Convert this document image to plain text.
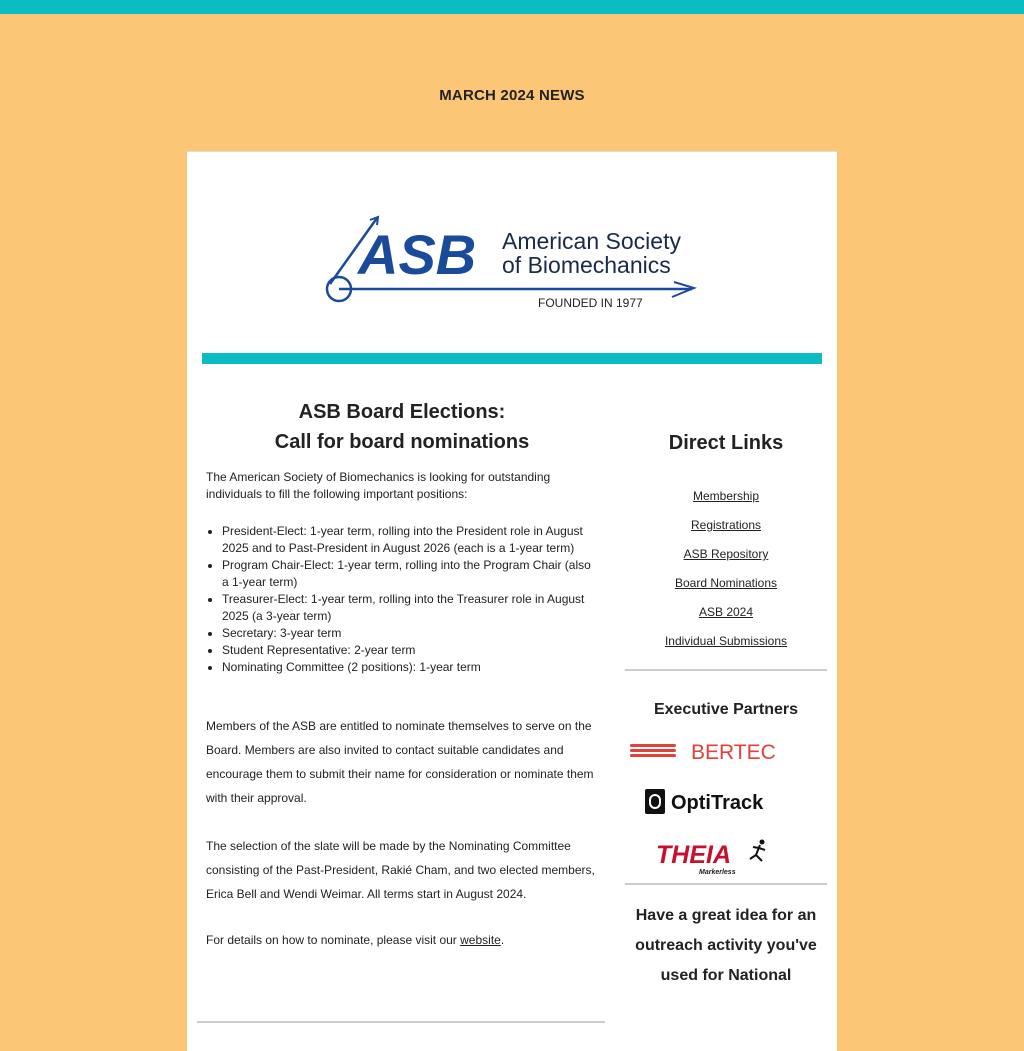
MARCH 2024 NEWS
ASB American Society
of Biomechanics
FOUNDED IN 1977
ASB Board Elections:
Call for board nominations

The American Society of Biomechanics is looking for outstanding individuals to fill the following important positions:

• President-Elect: 1-year term, rolling into the President role in August 2025 and to Past-President in August 2026 (each is a 1-year term)
• Program Chair-Elect: 1-year term, rolling into the Program Chair (also a 1-year term)
• Treasurer-Elect: 1-year term, rolling into the Treasurer role in August 2025 (a 3-year term)
• Secretary: 3-year term
• Student Representative: 2-year term
• Nominating Committee (2 positions): 1-year term

Members of the ASB are entitled to nominate themselves to serve on the Board. Members are also invited to contact suitable candidates and encourage them to submit their name for consideration or nominate them with their approval.

The selection of the slate will be made by the Nominating Committee consisting of the Past-President, Rakié Cham, and two elected members, Erica Bell and Wendi Weimar. All terms start in August 2024.

For details on how to nominate, please visit our website.

Direct Links
Membership
Registrations
ASB Repository
Board Nominations
ASB 2024
Individual Submissions
Executive Partners
BERTEC
OptiTrack
THEIA
Markerless

Have a great idea for an outreach activity you've used for National
